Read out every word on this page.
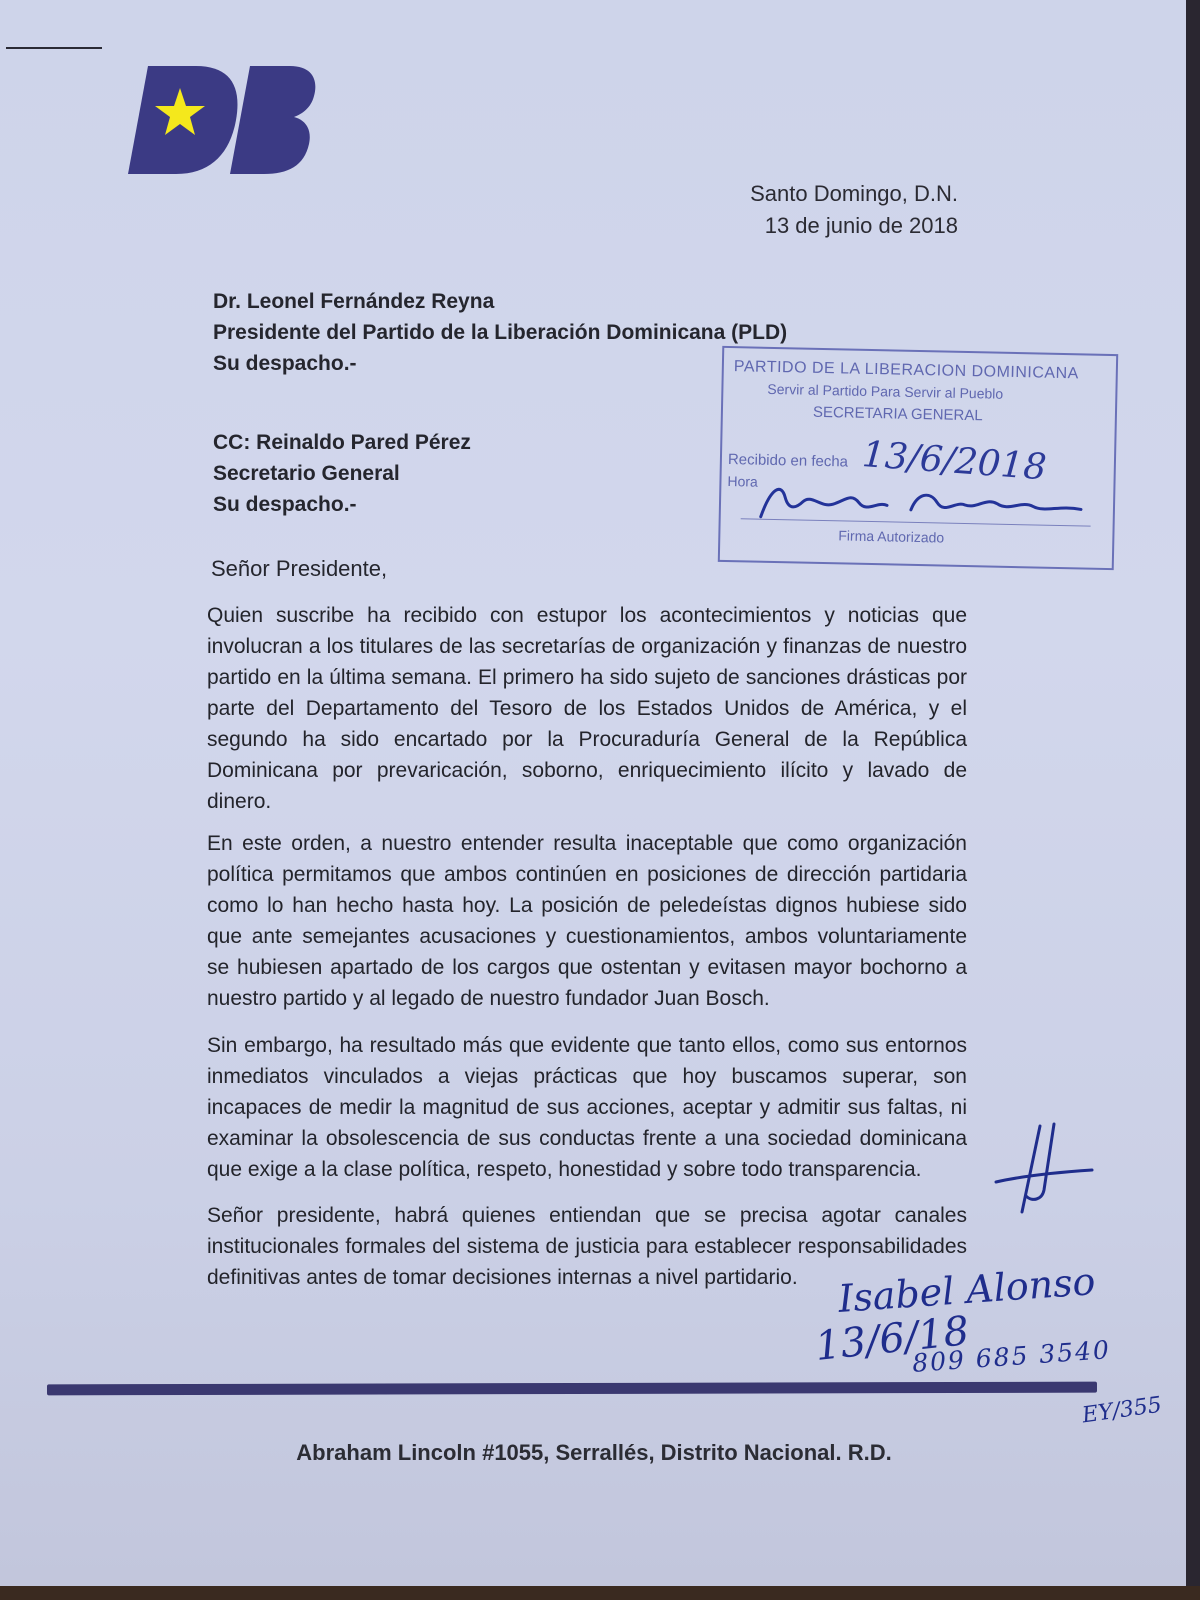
Santo Domingo, D.N.
13 de junio de 2018
Dr. Leonel Fernández Reyna
Presidente del Partido de la Liberación Dominicana (PLD)
Su despacho.-	PARTIDO DE LA LIBERACION DOMINICANA
Servir al Partido Para Servir al Pueblo
SECRETARIA GENERAL
Recibido en fecha 13/6/2018
Hora
Firma Autorizado
CC: Reinaldo Pared Pérez
Secretario General
Su despacho.-
Señor Presidente,
Quien suscribe ha recibido con estupor los acontecimientos y noticias que involucran a los titulares de las secretarías de organización y finanzas de nuestro partido en la última semana. El primero ha sido sujeto de sanciones drásticas por parte del Departamento del Tesoro de los Estados Unidos de América, y el segundo ha sido encartado por la Procuraduría General de la República Dominicana por prevaricación, soborno, enriquecimiento ilícito y lavado de dinero.
En este orden, a nuestro entender resulta inaceptable que como organización política permitamos que ambos continúen en posiciones de dirección partidaria como lo han hecho hasta hoy. La posición de peledeístas dignos hubiese sido que ante semejantes acusaciones y cuestionamientos, ambos voluntariamente se hubiesen apartado de los cargos que ostentan y evitasen mayor bochorno a nuestro partido y al legado de nuestro fundador Juan Bosch.
Sin embargo, ha resultado más que evidente que tanto ellos, como sus entornos inmediatos vinculados a viejas prácticas que hoy buscamos superar, son incapaces de medir la magnitud de sus acciones, aceptar y admitir sus faltas, ni examinar la obsolescencia de sus conductas frente a una sociedad dominicana que exige a la clase política, respeto, honestidad y sobre todo transparencia.
Señor presidente, habrá quienes entiendan que se precisa agotar canales institucionales formales del sistema de justicia para establecer responsabilidades definitivas antes de tomar decisiones internas a nivel partidario.	Isabel Alonso
13/6/18
809 685 3540
EY/355
Abraham Lincoln #1055, Serrallés, Distrito Nacional. R.D.
